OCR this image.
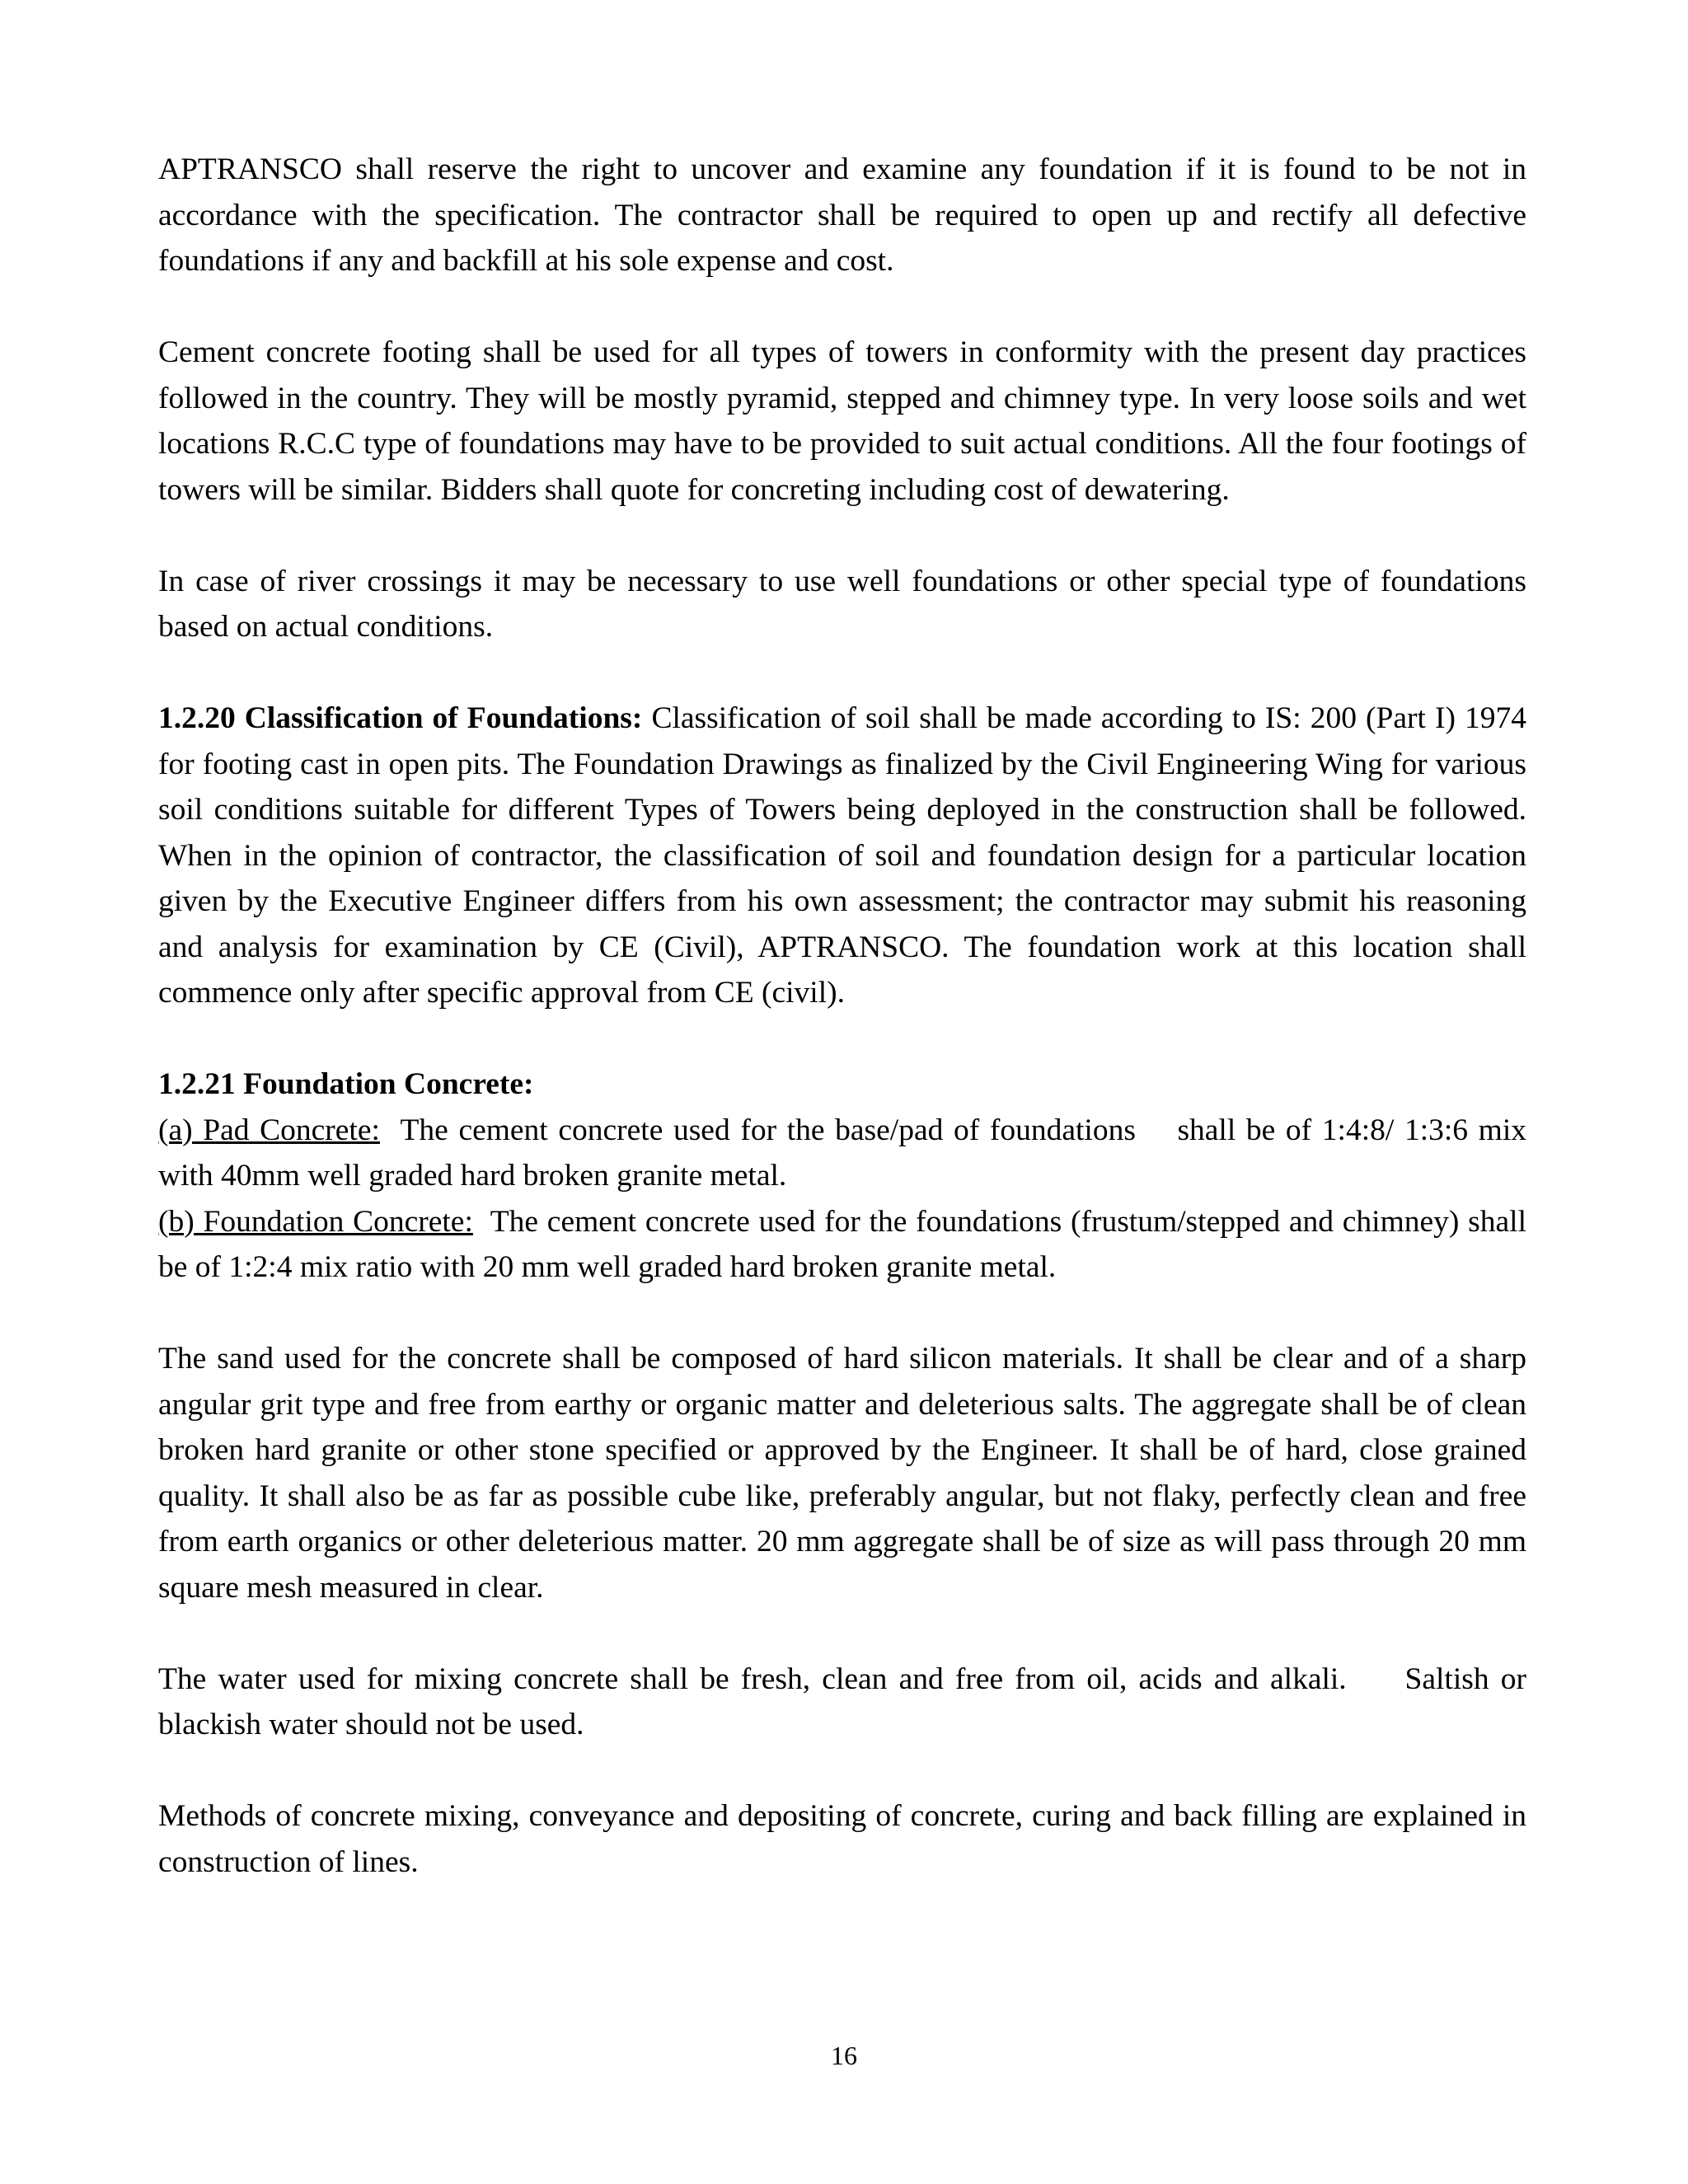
APTRANSCO shall reserve the right to uncover and examine any foundation if it is found to be not in accordance with the specification. The contractor shall be required to open up and rectify all defective foundations if any and backfill at his sole expense and cost.

Cement concrete footing shall be used for all types of towers in conformity with the present day practices followed in the country. They will be mostly pyramid, stepped and chimney type. In very loose soils and wet locations R.C.C type of foundations may have to be provided to suit actual conditions. All the four footings of towers will be similar. Bidders shall quote for concreting including cost of dewatering.

In case of river crossings it may be necessary to use well foundations or other special type of foundations based on actual conditions.

1.2.20 Classification of Foundations: Classification of soil shall be made according to IS: 200 (Part I) 1974 for footing cast in open pits. The Foundation Drawings as finalized by the Civil Engineering Wing for various soil conditions suitable for different Types of Towers being deployed in the construction shall be followed. When in the opinion of contractor, the classification of soil and foundation design for a particular location given by the Executive Engineer differs from his own assessment; the contractor may submit his reasoning and analysis for examination by CE (Civil), APTRANSCO. The foundation work at this location shall commence only after specific approval from CE (civil).

1.2.21 Foundation Concrete:

(a) Pad Concrete:  The cement concrete used for the base/pad of foundations    shall be of 1:4:8/ 1:3:6 mix with 40mm well graded hard broken granite metal.

(b) Foundation Concrete:  The cement concrete used for the foundations (frustum/stepped and chimney) shall be of 1:2:4 mix ratio with 20 mm well graded hard broken granite metal.

The sand used for the concrete shall be composed of hard silicon materials. It shall be clear and of a sharp angular grit type and free from earthy or organic matter and deleterious salts. The aggregate shall be of clean broken hard granite or other stone specified or approved by the Engineer. It shall be of hard, close grained quality. It shall also be as far as possible cube like, preferably angular, but not flaky, perfectly clean and free from earth organics or other deleterious matter. 20 mm aggregate shall be of size as will pass through 20 mm square mesh measured in clear.

The water used for mixing concrete shall be fresh, clean and free from oil, acids and alkali.     Saltish or blackish water should not be used.

Methods of concrete mixing, conveyance and depositing of concrete, curing and back filling are explained in construction of lines.

16
